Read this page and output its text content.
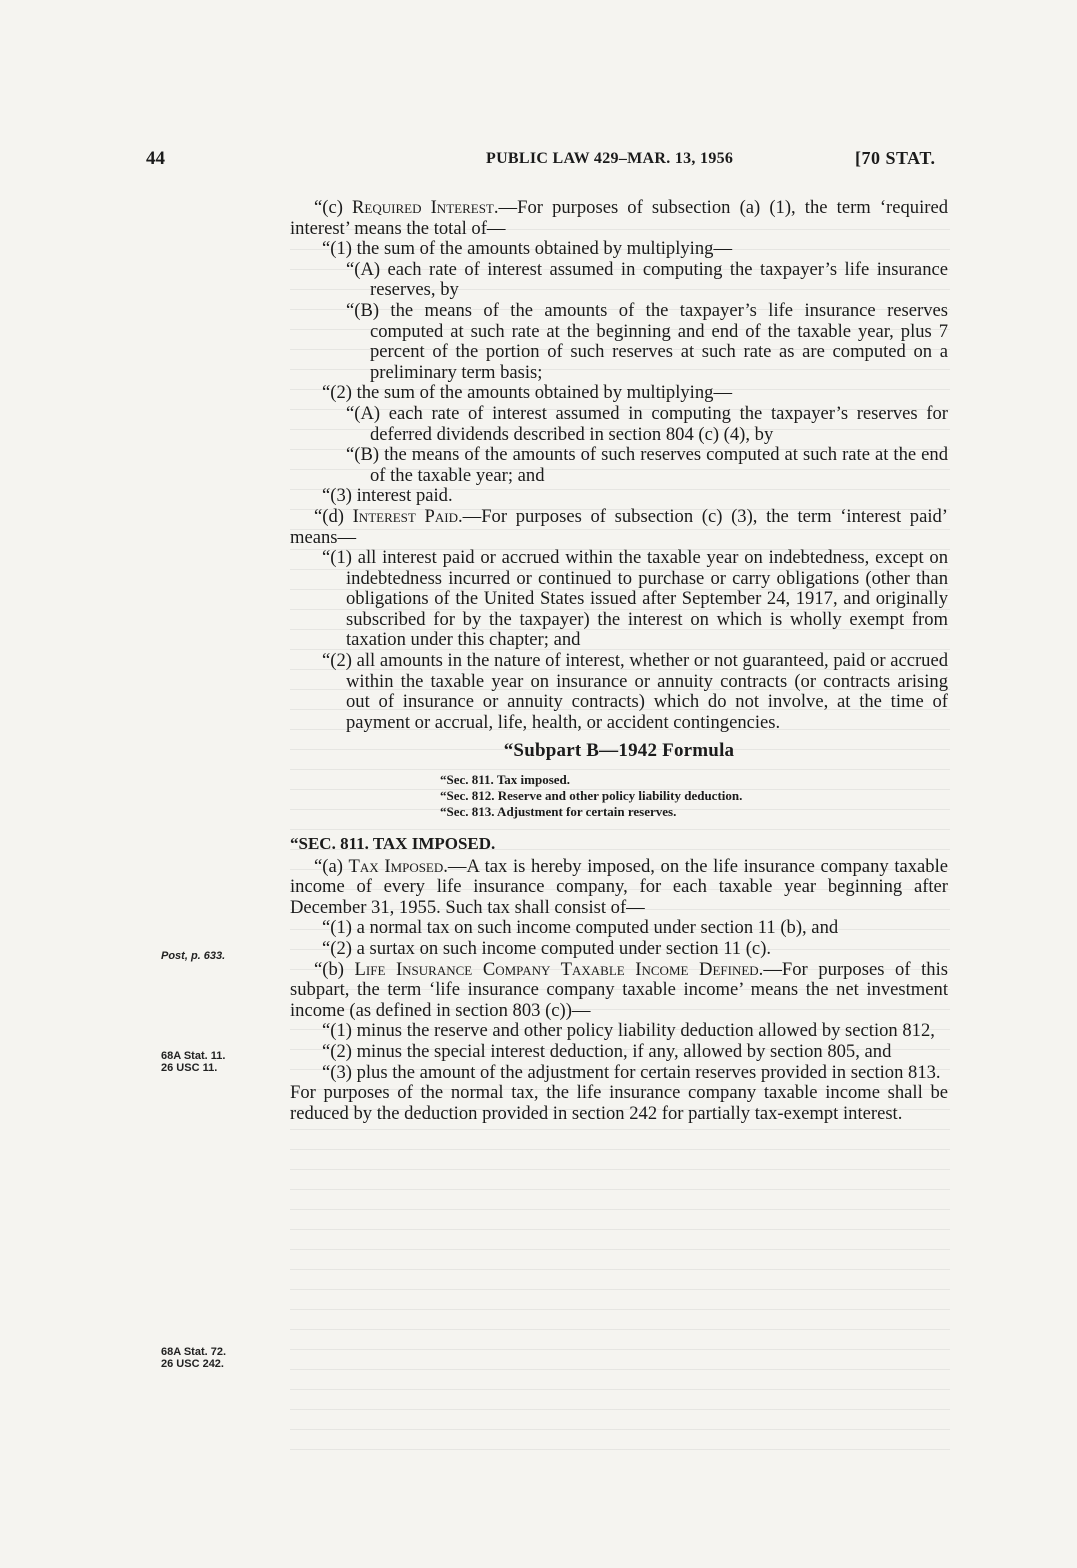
44	PUBLIC LAW 429–MAR. 13, 1956	[70 STAT.
Post, p. 633.
68A Stat. 11.
26 USC 11.
68A Stat. 72.
26 USC 242.

“(c) Required Interest.—For purposes of subsection (a) (1), the term ‘required interest’ means the total of—

“(1) the sum of the amounts obtained by multiplying—

“(A) each rate of interest assumed in computing the taxpayer’s life insurance reserves, by

“(B) the means of the amounts of the taxpayer’s life insurance reserves computed at such rate at the beginning and end of the taxable year, plus 7 percent of the portion of such reserves at such rate as are computed on a preliminary term basis;

“(2) the sum of the amounts obtained by multiplying—

“(A) each rate of interest assumed in computing the taxpayer’s reserves for deferred dividends described in section 804 (c) (4), by

“(B) the means of the amounts of such reserves computed at such rate at the end of the taxable year; and

“(3) interest paid.

“(d) Interest Paid.—For purposes of subsection (c) (3), the term ‘interest paid’ means—

“(1) all interest paid or accrued within the taxable year on indebtedness, except on indebtedness incurred or continued to purchase or carry obligations (other than obligations of the United States issued after September 24, 1917, and originally subscribed for by the taxpayer) the interest on which is wholly exempt from taxation under this chapter; and

“(2) all amounts in the nature of interest, whether or not guaranteed, paid or accrued within the taxable year on insurance or annuity contracts (or contracts arising out of insurance or annuity contracts) which do not involve, at the time of payment or accrual, life, health, or accident contingencies.

“Subpart B—1942 Formula

“Sec. 811. Tax imposed.
“Sec. 812. Reserve and other policy liability deduction.
“Sec. 813. Adjustment for certain reserves.

“SEC. 811. TAX IMPOSED.

“(a) Tax Imposed.—A tax is hereby imposed, on the life insurance company taxable income of every life insurance company, for each taxable year beginning after December 31, 1955. Such tax shall consist of—

“(1) a normal tax on such income computed under section 11 (b), and

“(2) a surtax on such income computed under section 11 (c).

“(b) Life Insurance Company Taxable Income Defined.—For purposes of this subpart, the term ‘life insurance company taxable income’ means the net investment income (as defined in section 803 (c))—

“(1) minus the reserve and other policy liability deduction allowed by section 812,

“(2) minus the special interest deduction, if any, allowed by section 805, and

“(3) plus the amount of the adjustment for certain reserves provided in section 813.

For purposes of the normal tax, the life insurance company taxable income shall be reduced by the deduction provided in section 242 for partially tax-exempt interest.
